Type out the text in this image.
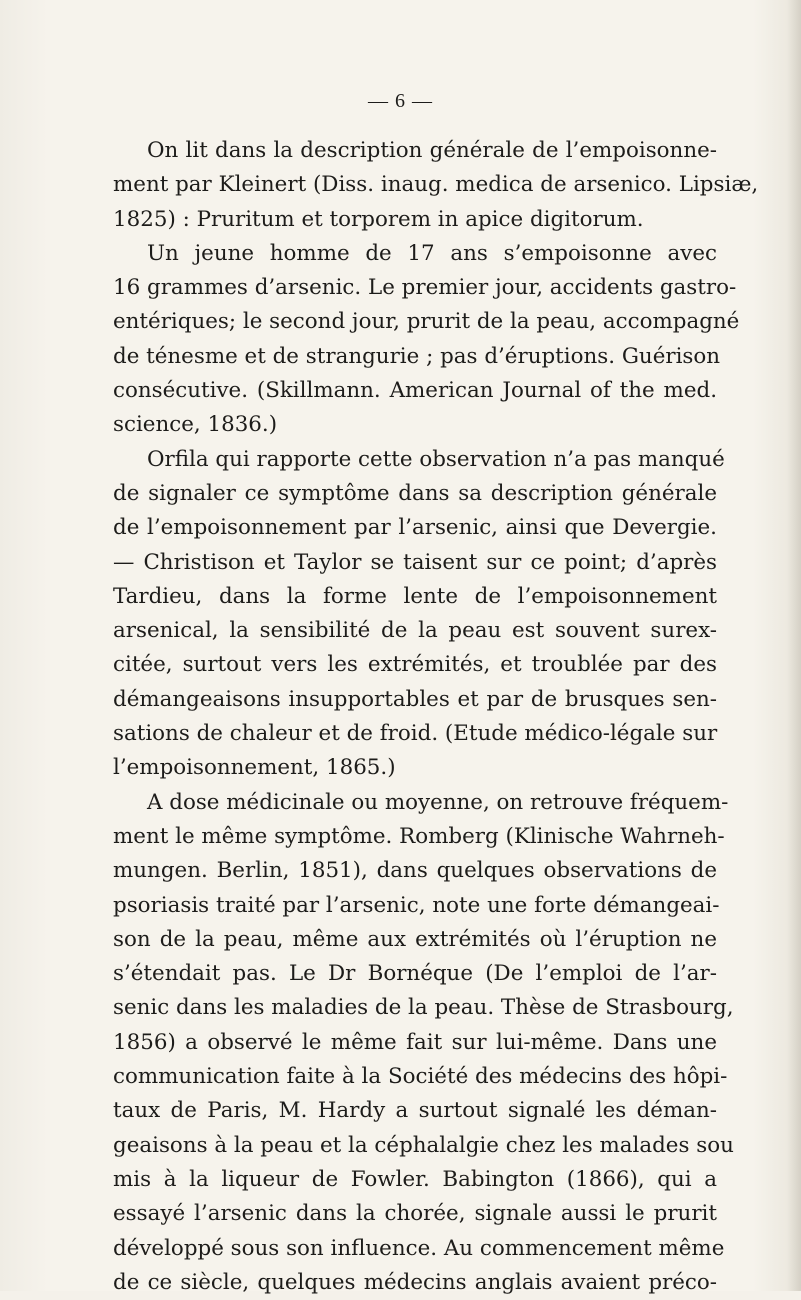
— 6 —
On lit dans la description générale de l’empoisonne-
ment par Kleinert (Diss. inaug. medica de arsenico. Lipsiæ,
1825) : Pruritum et torporem in apice digitorum.
Un jeune homme de 17 ans s’empoisonne avec
16 grammes d’arsenic. Le premier jour, accidents gastro-
entériques; le second jour, prurit de la peau, accompagné
de ténesme et de strangurie ; pas d’éruptions. Guérison
consécutive. (Skillmann. American Journal of the med.
science, 1836.)
Orfila qui rapporte cette observation n’a pas manqué
de signaler ce symptôme dans sa description générale
de l’empoisonnement par l’arsenic, ainsi que Devergie.
— Christison et Taylor se taisent sur ce point; d’après
Tardieu, dans la forme lente de l’empoisonnement
arsenical, la sensibilité de la peau est souvent surex-
citée, surtout vers les extrémités, et troublée par des
démangeaisons insupportables et par de brusques sen-
sations de chaleur et de froid. (Etude médico-légale sur
l’empoisonnement, 1865.)
A dose médicinale ou moyenne, on retrouve fréquem-
ment le même symptôme. Romberg (Klinische Wahrneh-
mungen. Berlin, 1851), dans quelques observations de
psoriasis traité par l’arsenic, note une forte démangeai-
son de la peau, même aux extrémités où l’éruption ne
s’étendait pas. Le Dr Bornéque (De l’emploi de l’ar-
senic dans les maladies de la peau. Thèse de Strasbourg,
1856) a observé le même fait sur lui-même. Dans une
communication faite à la Société des médecins des hôpi-
taux de Paris, M. Hardy a surtout signalé les déman-
geaisons à la peau et la céphalalgie chez les malades sou
mis à la liqueur de Fowler. Babington (1866), qui a
essayé l’arsenic dans la chorée, signale aussi le prurit
développé sous son influence. Au commencement même
de ce siècle, quelques médecins anglais avaient préco-
